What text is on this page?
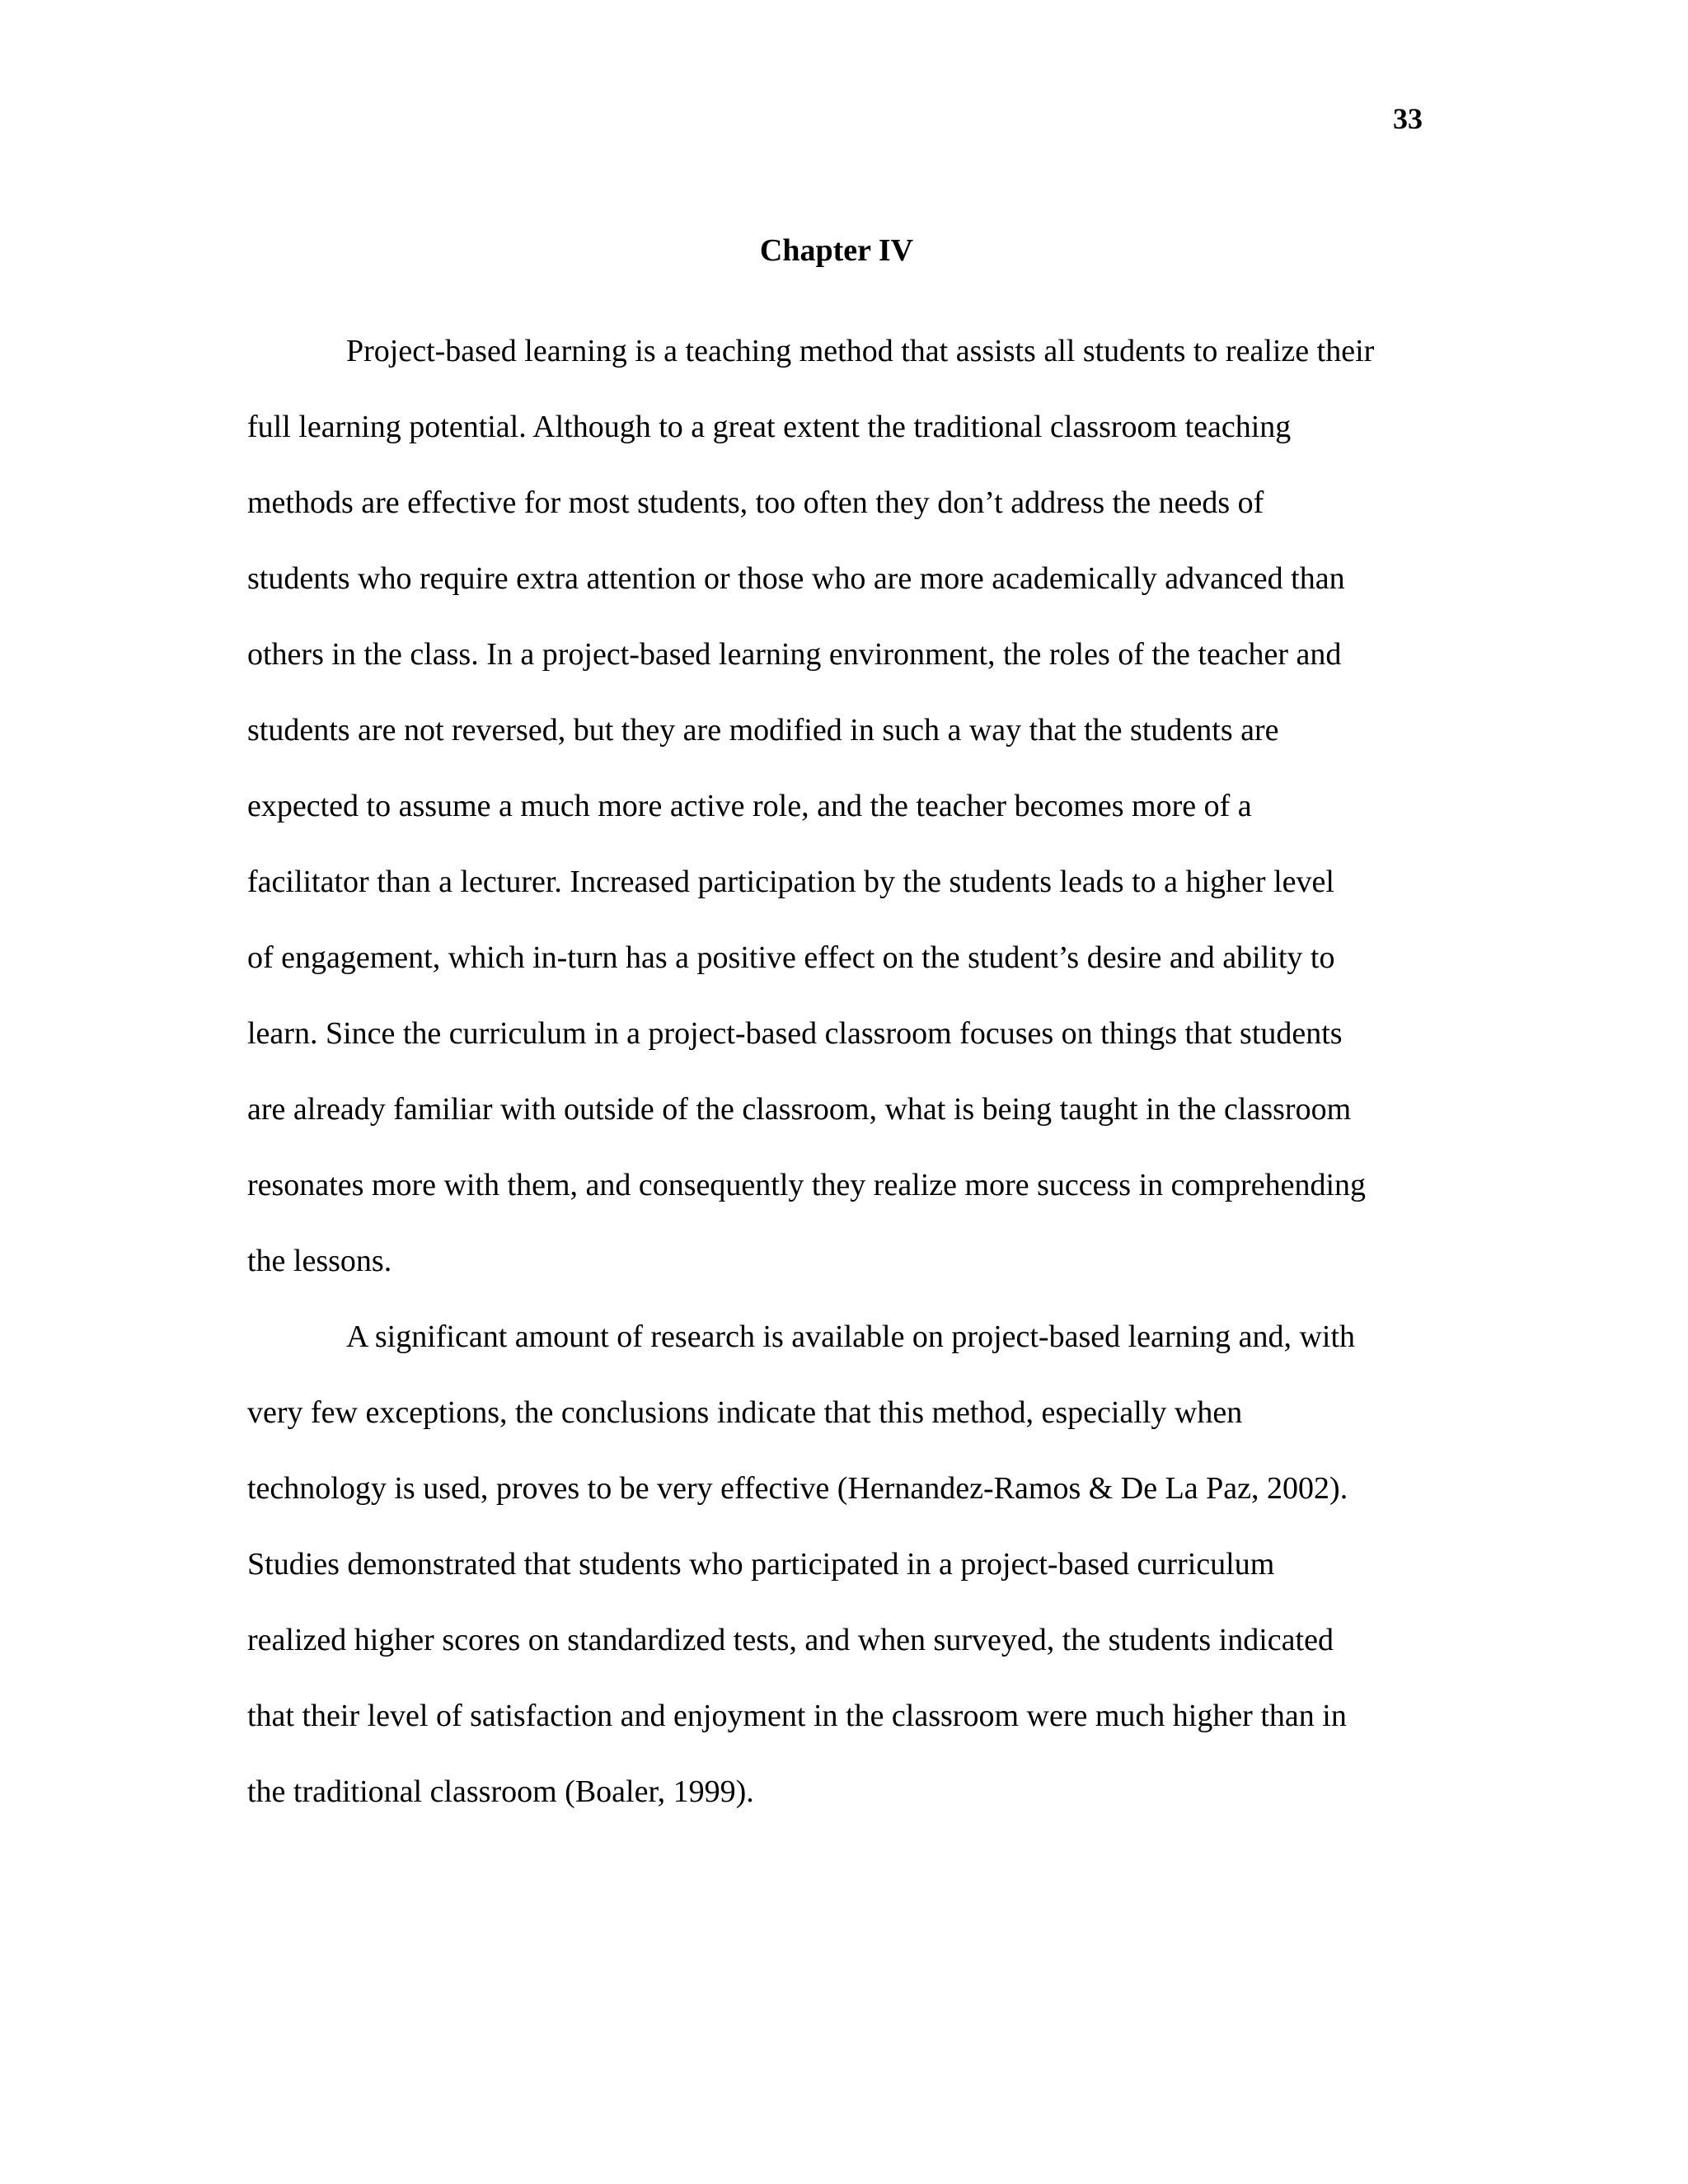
33
Chapter IV
Project-based learning is a teaching method that assists all students to realize their
full learning potential. Although to a great extent the traditional classroom teaching
methods are effective for most students, too often they don’t address the needs of
students who require extra attention or those who are more academically advanced than
others in the class. In a project-based learning environment, the roles of the teacher and
students are not reversed, but they are modified in such a way that the students are
expected to assume a much more active role, and the teacher becomes more of a
facilitator than a lecturer. Increased participation by the students leads to a higher level
of engagement, which in-turn has a positive effect on the student’s desire and ability to
learn. Since the curriculum in a project-based classroom focuses on things that students
are already familiar with outside of the classroom, what is being taught in the classroom
resonates more with them, and consequently they realize more success in comprehending
the lessons.
A significant amount of research is available on project-based learning and, with
very few exceptions, the conclusions indicate that this method, especially when
technology is used, proves to be very effective (Hernandez-Ramos & De La Paz, 2002).
Studies demonstrated that students who participated in a project-based curriculum
realized higher scores on standardized tests, and when surveyed, the students indicated
that their level of satisfaction and enjoyment in the classroom were much higher than in
the traditional classroom (Boaler, 1999).
